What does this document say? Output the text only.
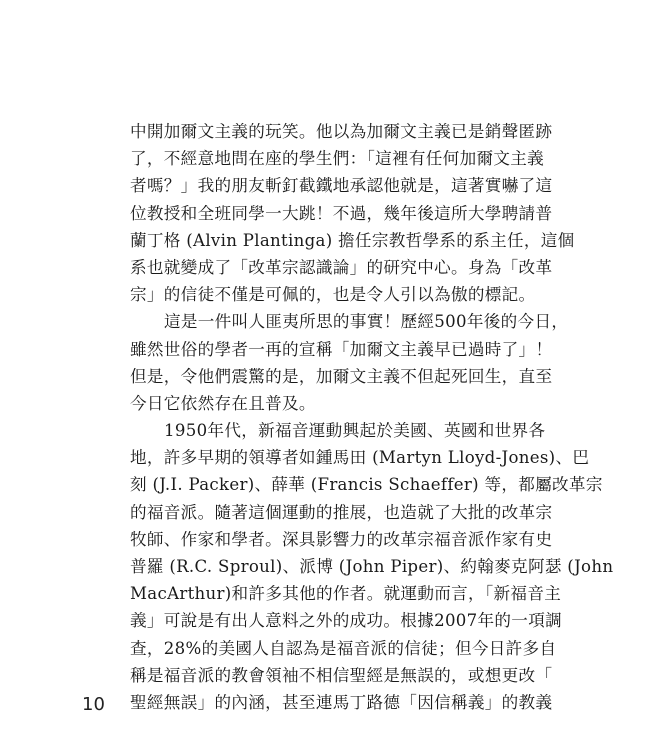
中開加爾文主義的玩笑。他以為加爾文主義已是銷聲匿跡
了，不經意地問在座的學生們：「這裡有任何加爾文主義
者嗎？」我的朋友斬釘截鐵地承認他就是，這著實嚇了這
位教授和全班同學一大跳！不過，幾年後這所大學聘請普
蘭丁格 (Alvin Plantinga) 擔任宗教哲學系的系主任，這個
系也就變成了「改革宗認識論」的研究中心。身為「改革
宗」的信徒不僅是可佩的，也是令人引以為傲的標記。
這是一件叫人匪夷所思的事實！歷經500年後的今日，
雖然世俗的學者一再的宣稱「加爾文主義早已過時了」！
但是，令他們震驚的是，加爾文主義不但起死回生，直至
今日它依然存在且普及。
1950年代，新福音運動興起於美國、英國和世界各
地，許多早期的領導者如鍾馬田 (Martyn Lloyd-Jones)、巴
刻 (J.I. Packer)、薛華 (Francis Schaeffer) 等，都屬改革宗
的福音派。隨著這個運動的推展，也造就了大批的改革宗
牧師、作家和學者。深具影響力的改革宗福音派作家有史
普羅 (R.C. Sproul)、派博 (John Piper)、約翰麥克阿瑟 (John
MacArthur)和許多其他的作者。就運動而言，「新福音主
義」可說是有出人意料之外的成功。根據2007年的一項調
查，28%的美國人自認為是福音派的信徒；但今日許多自
稱是福音派的教會領袖不相信聖經是無誤的，或想更改「
聖經無誤」的內涵，甚至連馬丁路德「因信稱義」的教義
10
